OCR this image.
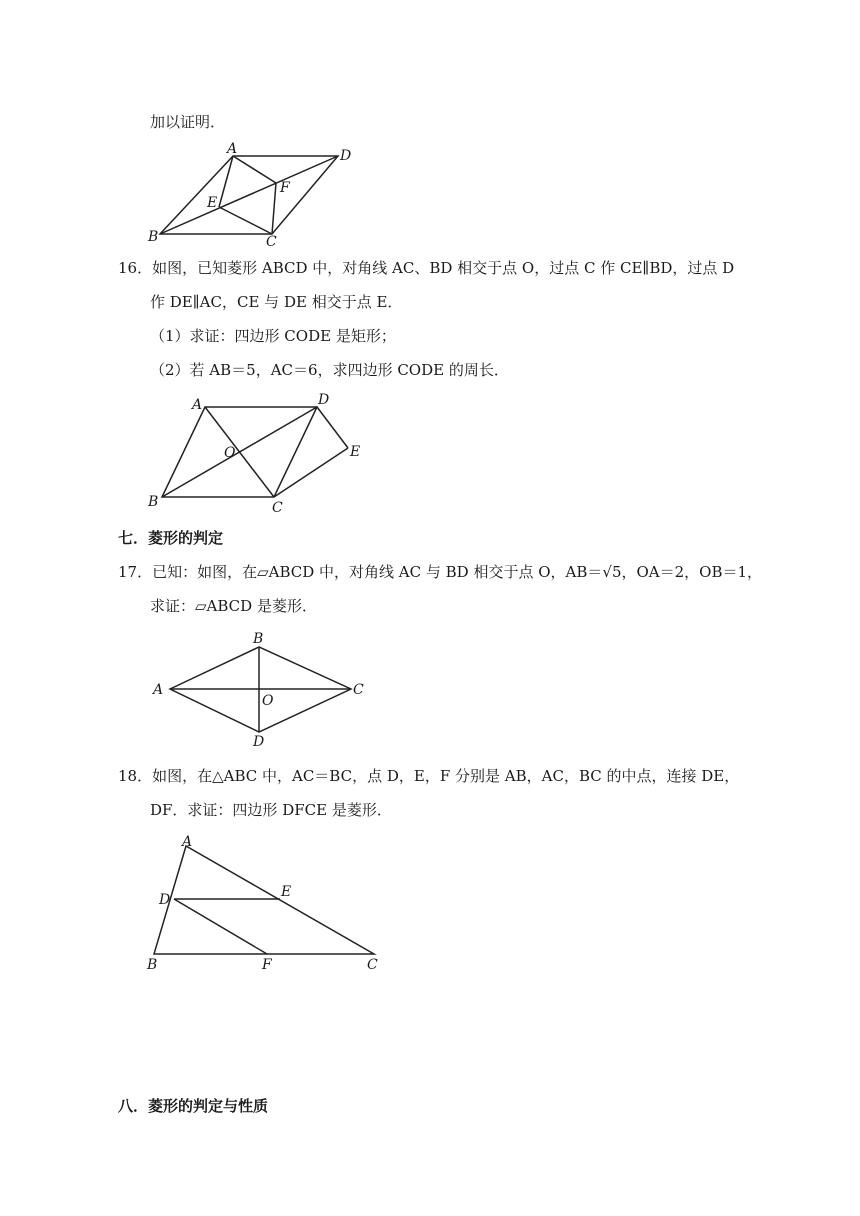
加以证明．
A	D
B	C
E
F
16．如图，已知菱形 ABCD 中，对角线 AC、BD 相交于点 O，过点 C 作 CE∥BD，过点 D
作 DE∥AC，CE 与 DE 相交于点 E．
（1）求证：四边形 CODE 是矩形；
（2）若 AB＝5，AC＝6，求四边形 CODE 的周长．
A	D
E
O
B	C
七．菱形的判定
17．已知：如图，在▱ABCD 中，对角线 AC 与 BD 相交于点 O，AB＝√5，OA＝2，OB＝1，
求证：▱ABCD 是菱形．
B
A	C
O
D
18．如图，在△ABC 中，AC＝BC，点 D，E，F 分别是 AB，AC，BC 的中点，连接 DE，
DF．求证：四边形 DFCE 是菱形．
A
D	E
B	F	C
八．菱形的判定与性质
